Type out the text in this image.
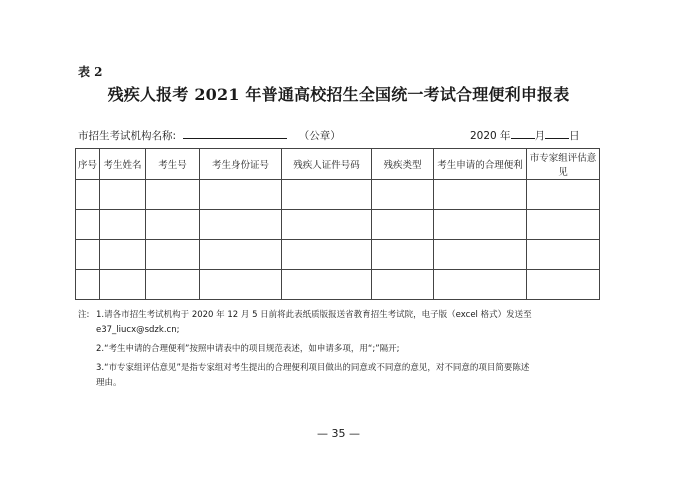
表 2
残疾人报考 2021 年普通高校招生全国统一考试合理便利申报表
市招生考试机构名称:	（公章）	2020 年 月 日
序号	考生姓名	考生号	考生身份证号	残疾人证件号码	残疾类型	考生申请的合理便利	市专家组评估意见

注: 1.请各市招生考试机构于 2020 年 12 月 5 日前将此表纸质版报送省教育招生考试院，电子版（excel 格式）发送至
e37_liucx@sdzk.cn;
2.“考生申请的合理便利”按照申请表中的项目规范表述，如申请多项，用“;”隔开;
3.“市专家组评估意见”是指专家组对考生提出的合理便利项目做出的同意或不同意的意见，对不同意的项目简要陈述
理由。
— 35 —
